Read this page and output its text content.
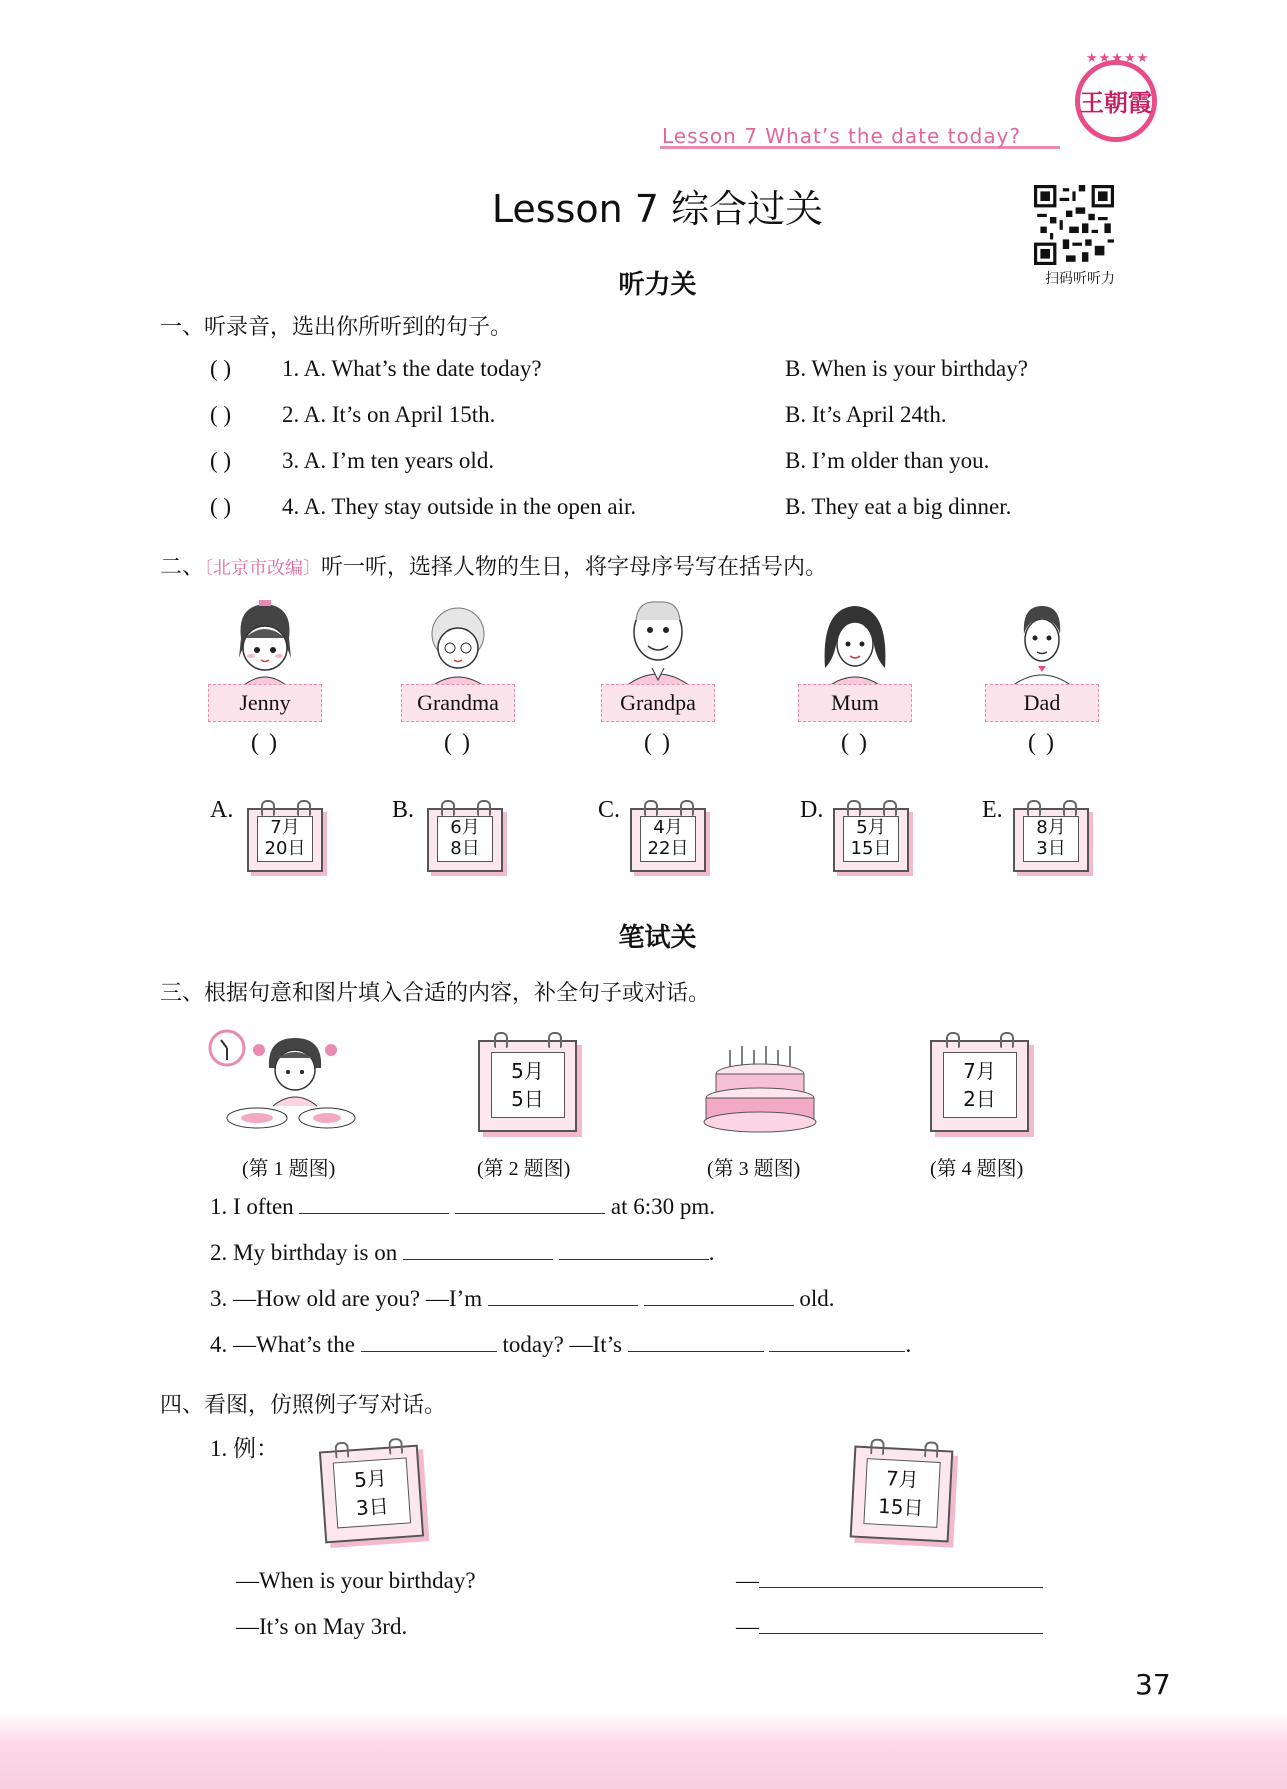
Lesson 7 What’s the date today?
★★★★★
王朝霞
Lesson 7 综合过关
扫码听听力
听力关
一、听录音，选出你所听到的句子。
( ) 1. A. What’s the date today?	B. When is your birthday?
( ) 2. A. It’s on April 15th.	B. It’s April 24th.
( ) 3. A. I’m ten years old.	B. I’m older than you.
( ) 4. A. They stay outside in the open air.	B. They eat a big dinner.
二、〔北京市改编〕听一听，选择人物的生日，将字母序号写在括号内。
Jenny
( )
Grandma
( )
Grandpa
( )
Mum
( )
Dad
( )
A.
7月
20日
B.
6月
8日
C.
4月
22日
D.
5月
15日
E.
8月
3日
笔试关
三、根据句意和图片填入合适的内容，补全句子或对话。
5月
5日
7月
2日
(第 1 题图)	(第 2 题图)	(第 3 题图)	(第 4 题图)
1. I often	at 6:30 pm.
2. My birthday is on	.
3. —How old are you? —I’m	old.
4. —What’s the	today? —It’s	.
四、看图，仿照例子写对话。
1. 例：
5月
3日
7月
15日
—When is your birthday?
—It’s on May 3rd.
—
—
37
